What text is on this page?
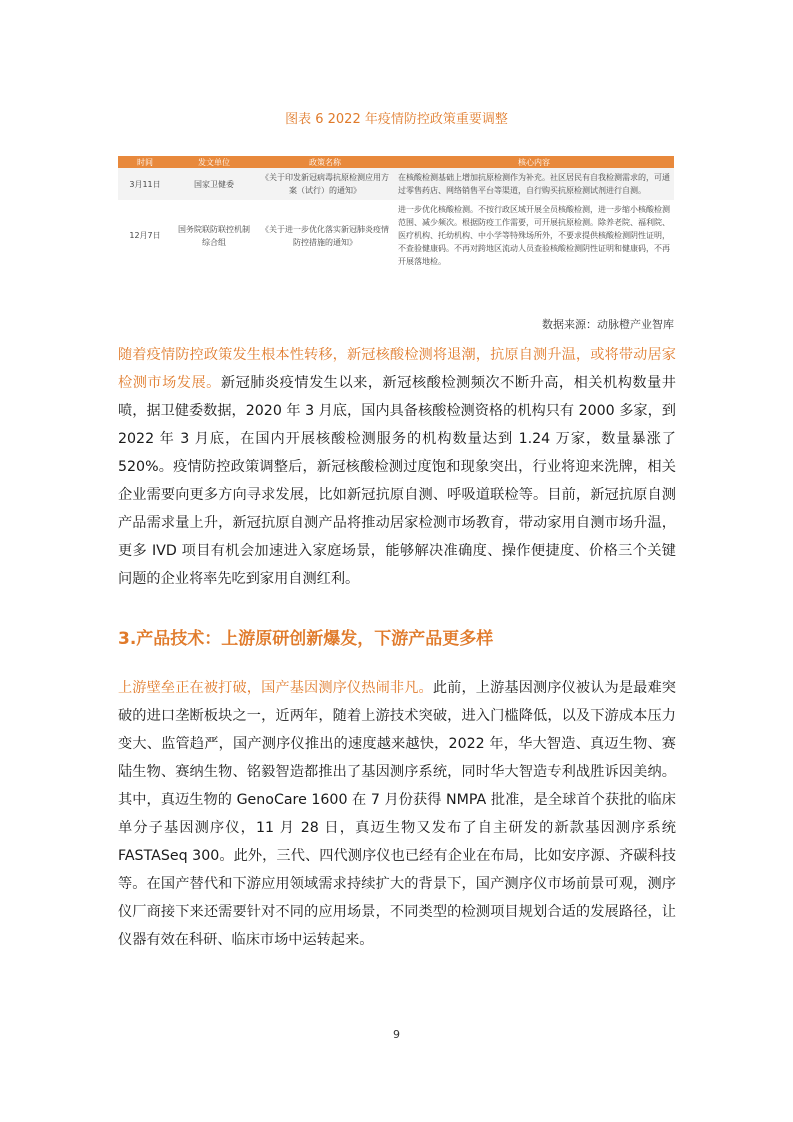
图表 6 2022 年疫情防控政策重要调整
时间	发文单位	政策名称	核心内容
3月11日	国家卫健委	《关于印发新冠病毒抗原检测应用方案（试行）的通知》	在核酸检测基础上增加抗原检测作为补充。社区居民有自我检测需求的，可通过零售药店、网络销售平台等渠道，自行购买抗原检测试剂进行自测。
12月7日	国务院联防联控机制综合组	《关于进一步优化落实新冠肺炎疫情防控措施的通知》	进一步优化核酸检测。不按行政区域开展全员核酸检测，进一步缩小核酸检测范围、减少频次。根据防疫工作需要，可开展抗原检测。除养老院、福利院、医疗机构、托幼机构、中小学等特殊场所外，不要求提供核酸检测阴性证明，不查验健康码。不再对跨地区流动人员查验核酸检测阴性证明和健康码，不再开展落地检。
数据来源：动脉橙产业智库

随着疫情防控政策发生根本性转移，新冠核酸检测将退潮，抗原自测升温，或将带动居家检测市场发展。新冠肺炎疫情发生以来，新冠核酸检测频次不断升高，相关机构数量井喷，据卫健委数据，2020 年 3 月底，国内具备核酸检测资格的机构只有 2000 多家，到 2022 年 3 月底，在国内开展核酸检测服务的机构数量达到 1.24 万家，数量暴涨了 520%。疫情防控政策调整后，新冠核酸检测过度饱和现象突出，行业将迎来洗牌，相关企业需要向更多方向寻求发展，比如新冠抗原自测、呼吸道联检等。目前，新冠抗原自测产品需求量上升，新冠抗原自测产品将推动居家检测市场教育，带动家用自测市场升温，更多 IVD 项目有机会加速进入家庭场景，能够解决准确度、操作便捷度、价格三个关键问题的企业将率先吃到家用自测红利。

3.产品技术：上游原研创新爆发，下游产品更多样

上游壁垒正在被打破，国产基因测序仪热闹非凡。此前，上游基因测序仪被认为是最难突破的进口垄断板块之一，近两年，随着上游技术突破，进入门槛降低，以及下游成本压力变大、监管趋严，国产测序仪推出的速度越来越快，2022 年，华大智造、真迈生物、赛陆生物、赛纳生物、铭毅智造都推出了基因测序系统，同时华大智造专利战胜诉因美纳。其中，真迈生物的 GenoCare 1600 在 7 月份获得 NMPA 批准，是全球首个获批的临床单分子基因测序仪，11 月 28 日，真迈生物又发布了自主研发的新款基因测序系统 FASTASeq 300。此外，三代、四代测序仪也已经有企业在布局，比如安序源、齐碳科技等。在国产替代和下游应用领域需求持续扩大的背景下，国产测序仪市场前景可观，测序仪厂商接下来还需要针对不同的应用场景，不同类型的检测项目规划合适的发展路径，让仪器有效在科研、临床市场中运转起来。

9
